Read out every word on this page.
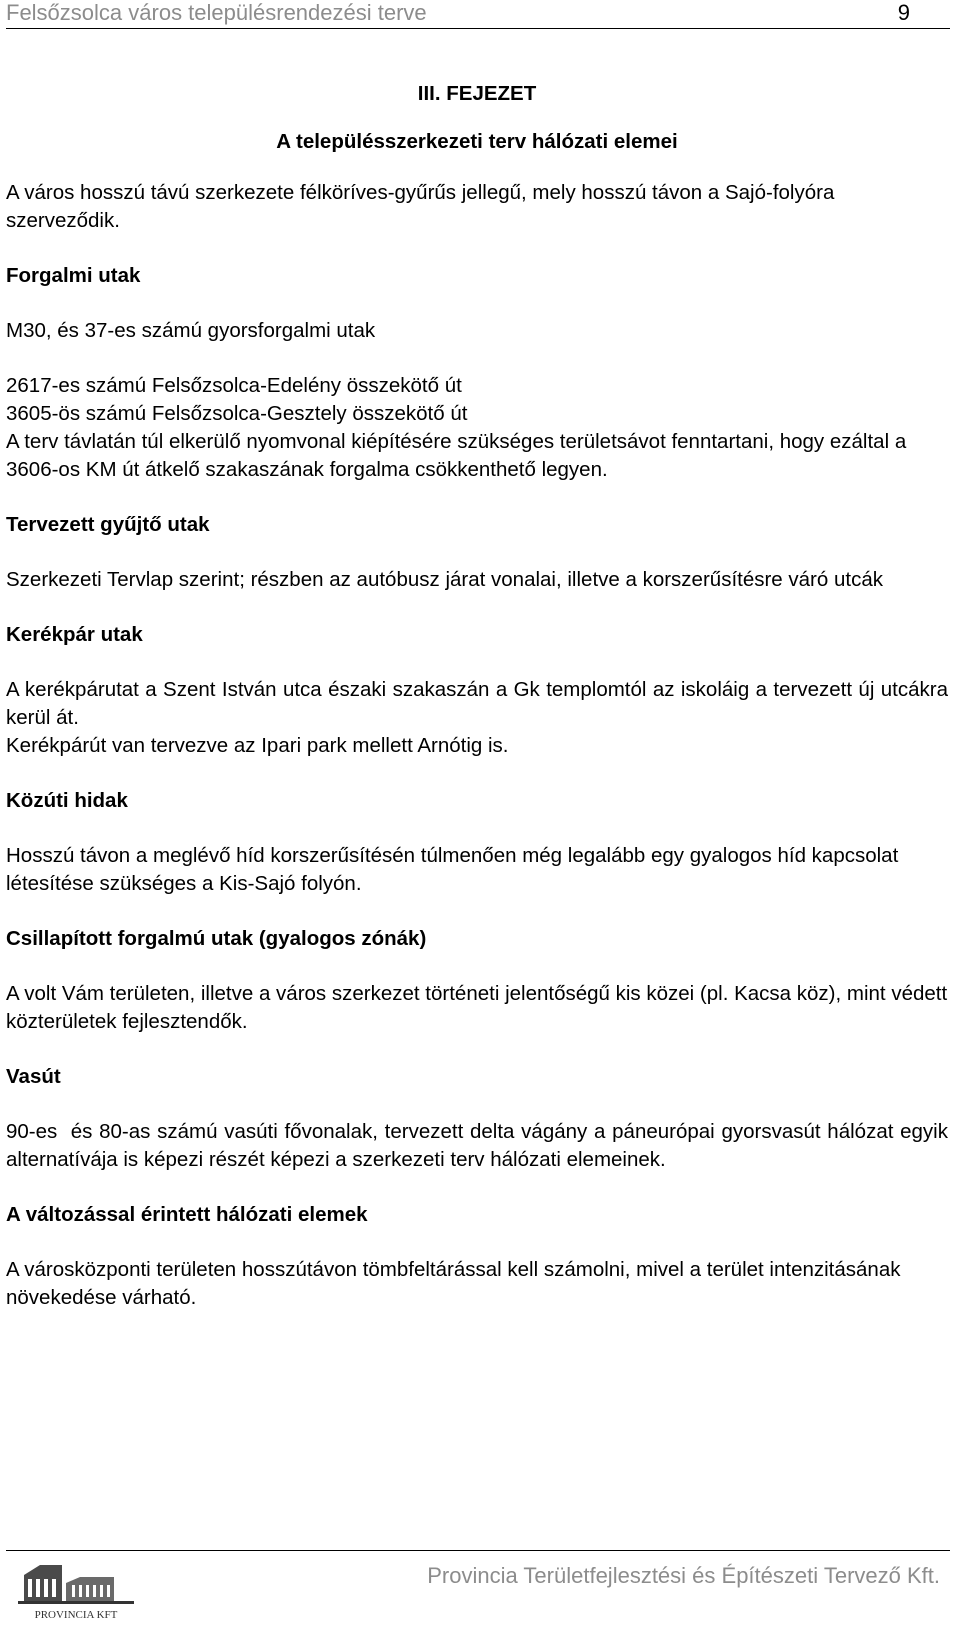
Felsőzsolca város településrendezési terve	9

III. FEJEZET

A településszerkezeti terv hálózati elemei

A város hosszú távú szerkezete félköríves-gyűrűs jellegű, mely hosszú távon a Sajó-folyóra szerveződik.

Forgalmi utak

M30, és 37-es számú gyorsforgalmi utak

2617-es számú Felsőzsolca-Edelény összekötő út

3605-ös számú Felsőzsolca-Gesztely összekötő út

A terv távlatán túl elkerülő nyomvonal kiépítésére szükséges területsávot fenntartani, hogy ezáltal a 3606-os KM út átkelő szakaszának forgalma csökkenthető legyen.

Tervezett gyűjtő utak

Szerkezeti Tervlap szerint; részben az autóbusz járat vonalai, illetve a korszerűsítésre váró utcák

Kerékpár utak

A kerékpárutat a Szent István utca északi szakaszán a Gk templomtól az iskoláig a tervezett új utcákra kerül át.

Kerékpárút van tervezve az Ipari park mellett Arnótig is.

Közúti hidak

Hosszú távon a meglévő híd korszerűsítésén túlmenően még legalább egy gyalogos híd kapcsolat létesítése szükséges a Kis-Sajó folyón.

Csillapított forgalmú utak (gyalogos zónák)

A volt Vám területen, illetve a város szerkezet történeti jelentőségű kis közei (pl. Kacsa köz), mint védett közterületek fejlesztendők.

Vasút

90-es  és 80-as számú vasúti fővonalak, tervezett delta vágány a páneurópai gyorsvasút hálózat egyik alternatívája is képezi részét képezi a szerkezeti terv hálózati elemeinek.

A változással érintett hálózati elemek

A városközponti területen hosszútávon tömbfeltárással kell számolni, mivel a terület intenzitásának növekedése várható.

PROVINCIA KFT
Provincia Területfejlesztési és Építészeti Tervező Kft.
